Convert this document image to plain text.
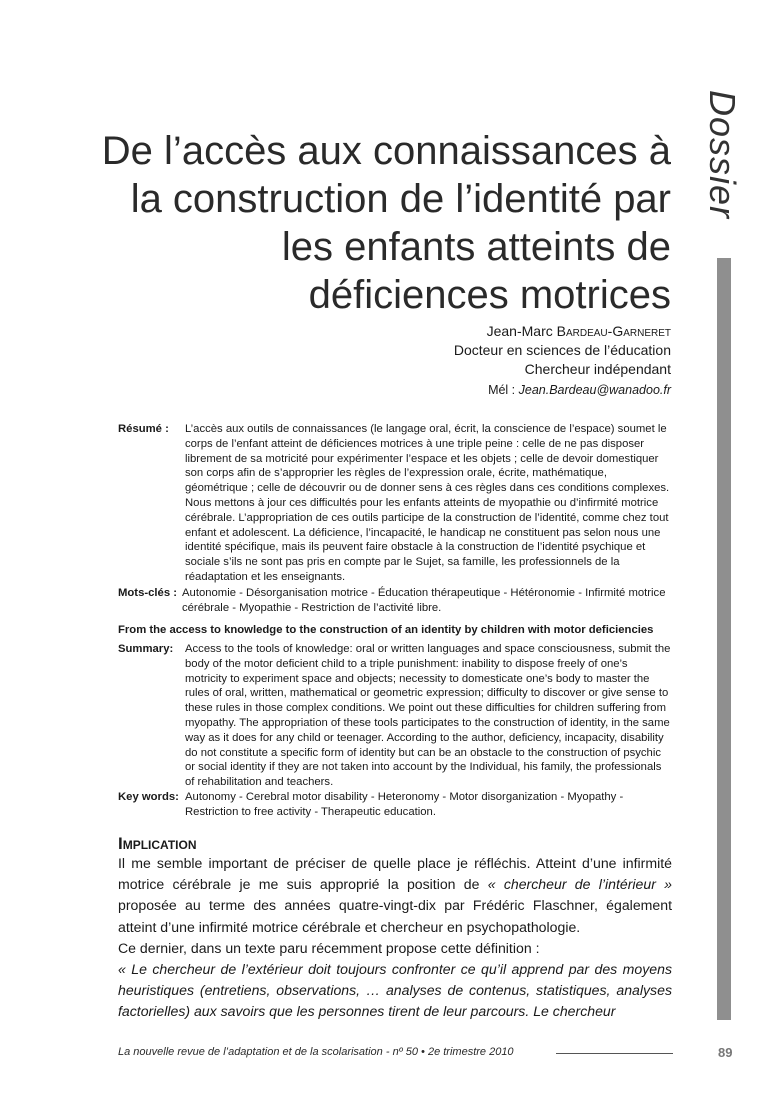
Dossier
De l’accès aux connaissances à la construction de l’identité par les enfants atteints de déficiences motrices
Jean-Marc Bardeau-Garneret
Docteur en sciences de l’éducation
Chercheur indépendant
Mél : Jean.Bardeau@wanadoo.fr
Résumé : L’accès aux outils de connaissances (le langage oral, écrit, la conscience de l’espace) soumet le corps de l’enfant atteint de déficiences motrices à une triple peine : celle de ne pas disposer librement de sa motricité pour expérimenter l’espace et les objets ; celle de devoir domestiquer son corps afin de s’approprier les règles de l’expression orale, écrite, mathématique, géométrique ; celle de découvrir ou de donner sens à ces règles dans ces conditions complexes. Nous mettons à jour ces difficultés pour les enfants atteints de myopathie ou d’infirmité motrice cérébrale. L’appropriation de ces outils participe de la construction de l’identité, comme chez tout enfant et adolescent. La déficience, l’incapacité, le handicap ne constituent pas selon nous une identité spécifique, mais ils peuvent faire obstacle à la construction de l’identité psychique et sociale s’ils ne sont pas pris en compte par le Sujet, sa famille, les professionnels de la réadaptation et les enseignants.
Mots-clés : Autonomie - Désorganisation motrice - Éducation thérapeutique - Hétéronomie - Infirmité motrice cérébrale - Myopathie - Restriction de l’activité libre.
From the access to knowledge to the construction of an identity by children with motor deficiencies
Summary: Access to the tools of knowledge: oral or written languages and space consciousness, submit the body of the motor deficient child to a triple punishment: inability to dispose freely of one’s motricity to experiment space and objects; necessity to domesticate one’s body to master the rules of oral, written, mathematical or geometric expression; difficulty to discover or give sense to these rules in those complex conditions. We point out these difficulties for children suffering from myopathy. The appropriation of these tools participates to the construction of identity, in the same way as it does for any child or teenager. According to the author, deficiency, incapacity, disability do not constitute a specific form of identity but can be an obstacle to the construction of psychic or social identity if they are not taken into account by the Individual, his family, the professionals of rehabilitation and teachers.
Key words: Autonomy - Cerebral motor disability - Heteronomy - Motor disorganization - Myopathy - Restriction to free activity - Therapeutic education.
Implication

Il me semble important de préciser de quelle place je réfléchis. Atteint d’une infirmité motrice cérébrale je me suis approprié la position de « chercheur de l’intérieur » proposée au terme des années quatre-vingt-dix par Frédéric Flaschner, également atteint d’une infirmité motrice cérébrale et chercheur en psychopathologie.

Ce dernier, dans un texte paru récemment propose cette définition :

« Le chercheur de l’extérieur doit toujours confronter ce qu’il apprend par des moyens heuristiques (entretiens, observations, … analyses de contenus, statistiques, analyses factorielles) aux savoirs que les personnes tirent de leur parcours. Le chercheur

La nouvelle revue de l’adaptation et de la scolarisation - nº 50 • 2e trimestre 2010	89
